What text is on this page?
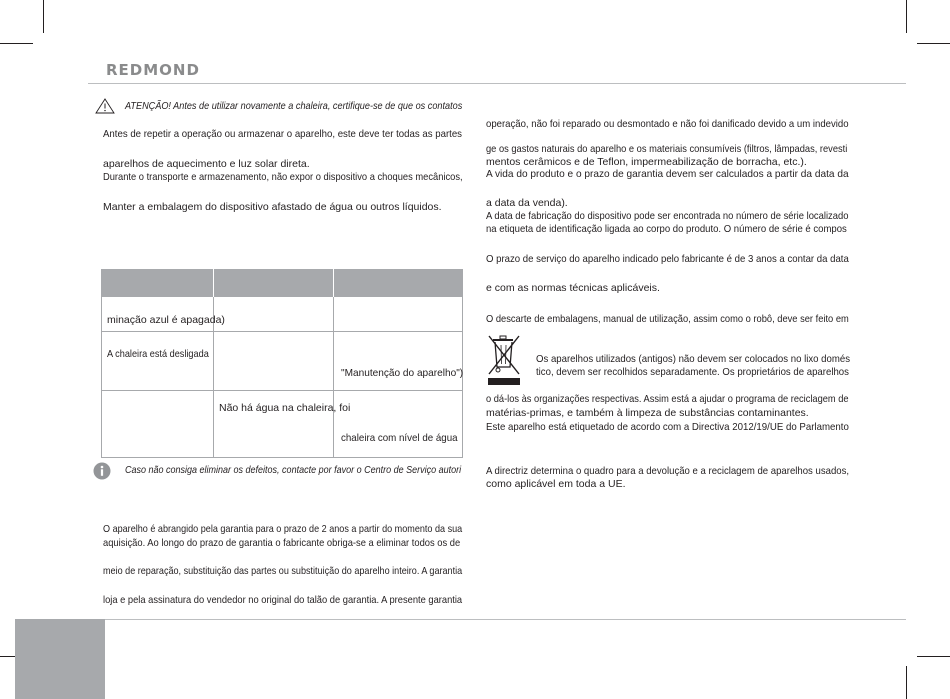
REDMOND
ATENÇÃO! Antes de utilizar novamente a chaleira, certifique-se de que os contatos
Antes de repetir a operação ou armazenar o aparelho, este deve ter todas as partes
aparelhos de aquecimento e luz solar direta.
Durante o transporte e armazenamento, não expor o dispositivo a choques mecânicos,
Manter a embalagem do dispositivo afastado de água ou outros líquidos.
minação azul é apagada)
A chaleira está desligada
"Manutenção do aparelho")
Não há água na chaleira, foi
chaleira com nível de água
Caso não consiga eliminar os defeitos, contacte por favor o Centro de Serviço autori
O aparelho é abrangido pela garantia para o prazo de 2 anos a partir do momento da sua
aquisição. Ao longo do prazo de garantia o fabricante obriga-se a eliminar todos os de
meio de reparação, substituição das partes ou substituição do aparelho inteiro. A garantia
loja e pela assinatura do vendedor no original do talão de garantia. A presente garantia
operação, não foi reparado ou desmontado e não foi danificado devido a um indevido
ge os gastos naturais do aparelho e os materiais consumíveis (filtros, lâmpadas, revesti
mentos cerâmicos e de Teflon, impermeabilização de borracha, etc.).
A vida do produto e o prazo de garantia devem ser calculados a partir da data da
a data da venda).
A data de fabricação do dispositivo pode ser encontrada no número de série localizado
na etiqueta de identificação ligada ao corpo do produto. O número de série é compos
O prazo de serviço do aparelho indicado pelo fabricante é de 3 anos a contar da data
e com as normas técnicas aplicáveis.
O descarte de embalagens, manual de utilização, assim como o robô, deve ser feito em
Os aparelhos utilizados (antigos) não devem ser colocados no lixo domés
tico, devem ser recolhidos separadamente. Os proprietários de aparelhos
o dá-los às organizações respectivas. Assim está a ajudar o programa de reciclagem de
matérias-primas, e também à limpeza de substâncias contaminantes.
Este aparelho está etiquetado de acordo com a Directiva 2012/19/UE do Parlamento
A directriz determina o quadro para a devolução e a reciclagem de aparelhos usados,
como aplicável em toda a UE.
